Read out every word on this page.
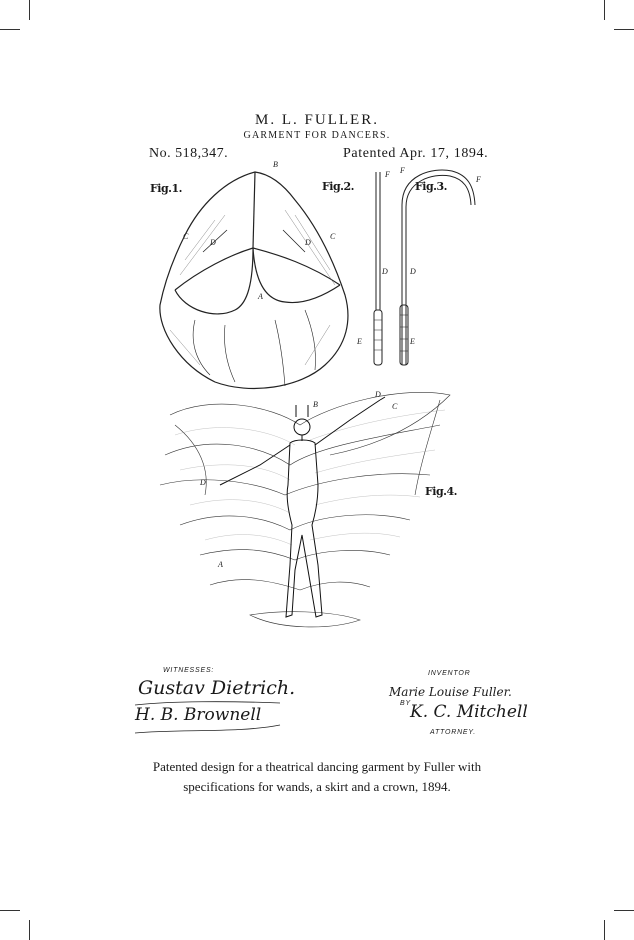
M. L. FULLER.
GARMENT FOR DANCERS.
No. 518,347.	Patented Apr. 17, 1894.
Fig.1.	Fig.2.	Fig.3.
Fig.4.
B
C
D	D
C
A
F
D
E
F
F
D
E
B
D
C
D
A
WITNESSES:
Gustav Dietrich.
H. B. Brownell
INVENTOR
Marie Louise Fuller.
BY K. C. Mitchell
ATTORNEY.
Patented design for a theatrical dancing garment by Fuller with
specifications for wands, a skirt and a crown, 1894.
